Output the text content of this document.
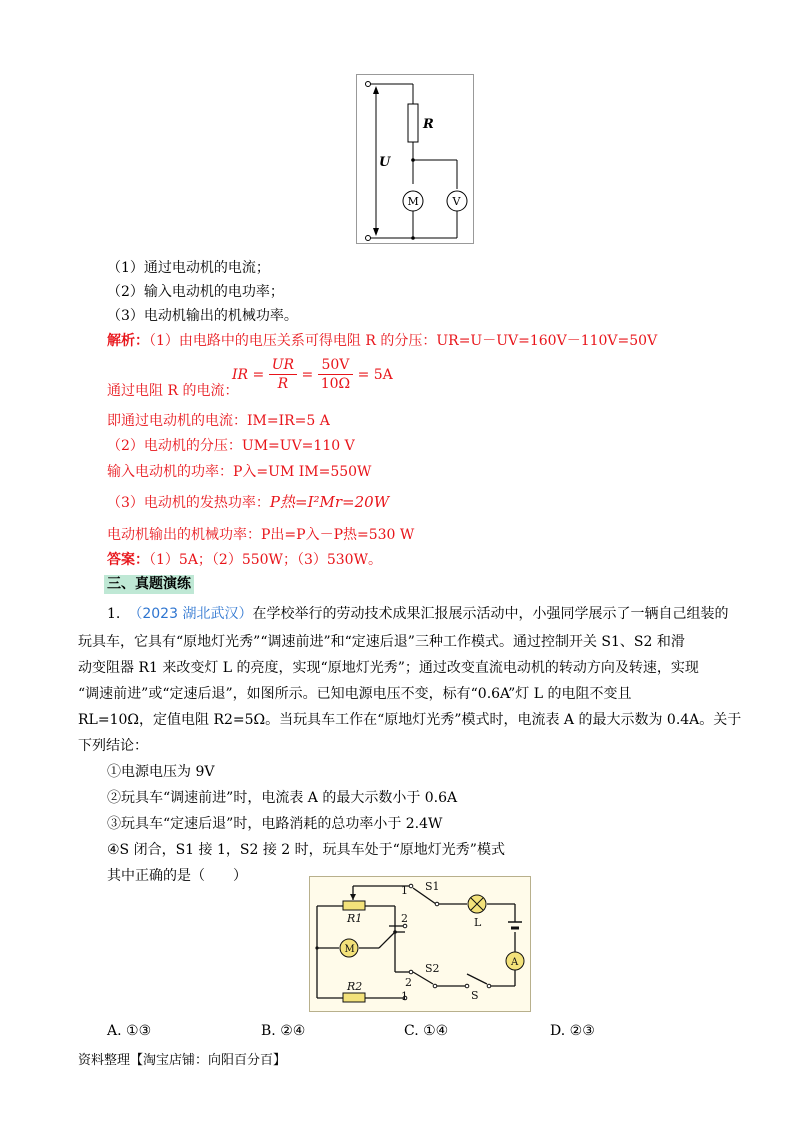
U
R
M	V
（1）通过电动机的电流；
（2）输入电动机的电功率；
（3）电动机输出的机械功率。
解析：（1）由电路中的电压关系可得电阻 R 的分压：UR=U－UV=160V－110V=50V
通过电阻 R 的电流：
IR = $\frac{UR}{R} = \frac{50V}{10\Omega} = 5A$
即通过电动机的电流：IM=IR=5 A
（2）电动机的分压：UM=UV=110 V
输入电动机的功率：P入=UM IM=550W
（3）电动机的发热功率：P热=I²Mr=20W
电动机输出的机械功率：P出=P入－P热=530 W
答案：（1）5A；（2）550W；（3）530W。
三、真题演练
1. （2023 湖北武汉）在学校举行的劳动技术成果汇报展示活动中，小强同学展示了一辆自己组装的
玩具车，它具有“原地灯光秀”“调速前进”和“定速后退”三种工作模式。通过控制开关 S1、S2 和滑
动变阻器 R1 来改变灯 L 的亮度，实现“原地灯光秀”；通过改变直流电动机的转动方向及转速，实现
“调速前进”或“定速后退”，如图所示。已知电源电压不变，标有“0.6A”灯 L 的电阻不变且
RL=10Ω，定值电阻 R2=5Ω。当玩具车工作在“原地灯光秀”模式时，电流表 A 的最大示数为 0.4A。关于
下列结论：
①电源电压为 9V
②玩具车“调速前进”时，电流表 A 的最大示数小于 0.6A
③玩具车“定速后退”时，电路消耗的总功率小于 2.4W
④S 闭合，S1 接 1，S2 接 2 时，玩具车处于“原地灯光秀”模式
其中正确的是（　　）
R1
R2
M
A
L
S
S1
S2
1
2
2
1
A. ①③	B. ②④	C. ①④	D. ②③
资料整理【淘宝店铺：向阳百分百】
